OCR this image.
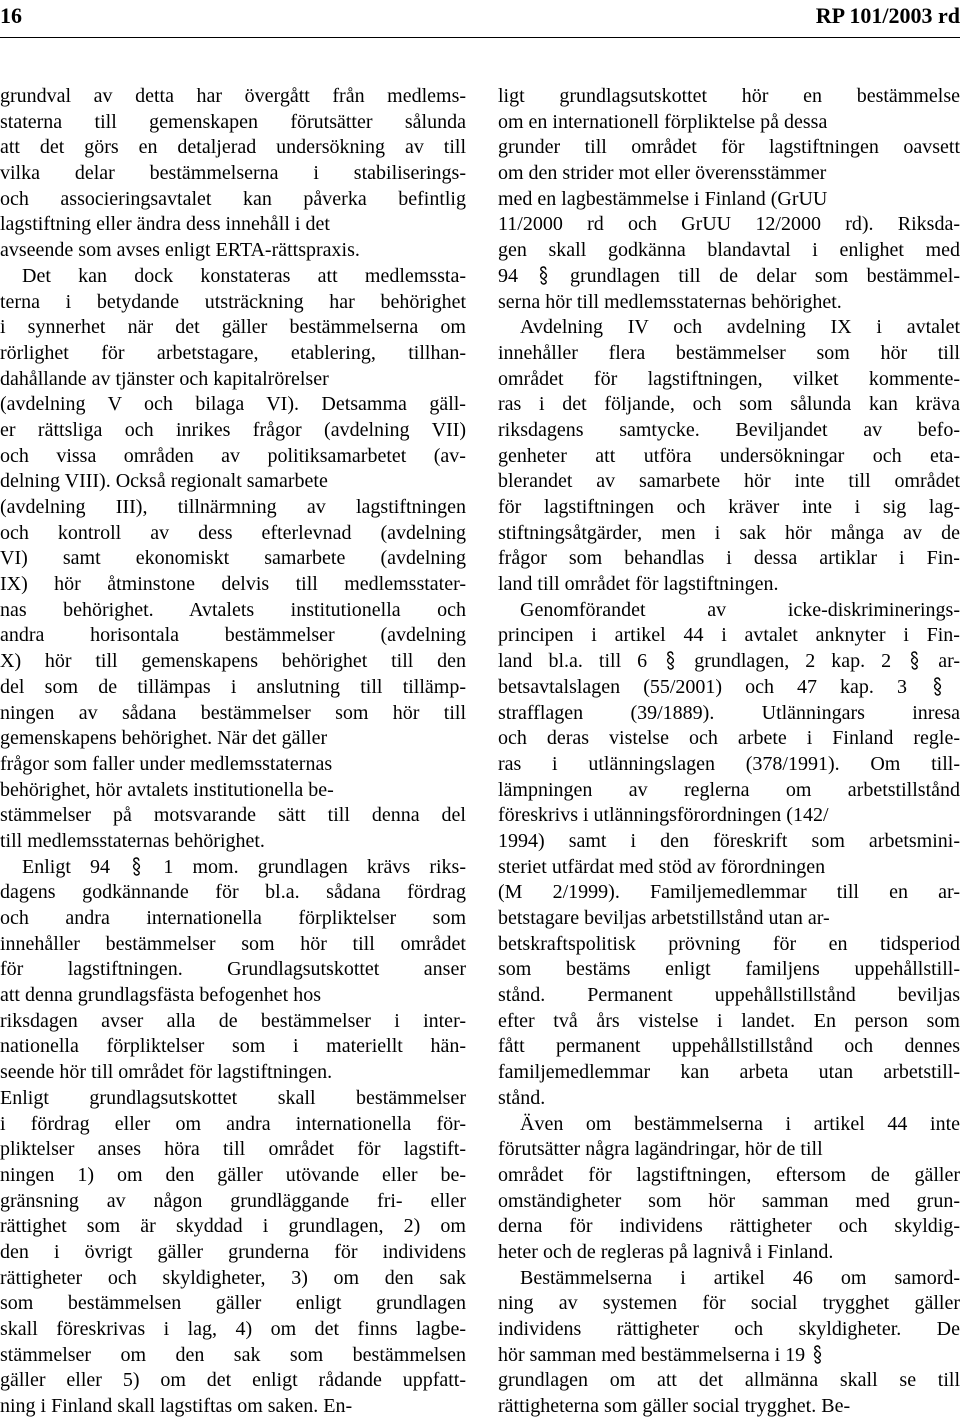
16	RP 101/2003 rd
grundval av detta har övergått från medlems-
staterna till gemenskapen förutsätter sålunda
att det görs en detaljerad undersökning av till
vilka delar bestämmelserna i stabiliserings-
och associeringsavtalet kan påverka befintlig
lagstiftning eller ändra dess innehåll i det
avseende som avses enligt ERTA-rättspraxis.
Det kan dock konstateras att medlemssta-
terna i betydande utsträckning har behörighet
i synnerhet när det gäller bestämmelserna om
rörlighet för arbetstagare, etablering, tillhan-
dahållande av tjänster och kapitalrörelser
(avdelning V och bilaga VI). Detsamma gäll-
er rättsliga och inrikes frågor (avdelning VII)
och vissa områden av politiksamarbetet (av-
delning VIII). Också regionalt samarbete
(avdelning III), tillnärmning av lagstiftningen
och kontroll av dess efterlevnad (avdelning
VI) samt ekonomiskt samarbete (avdelning
IX) hör åtminstone delvis till medlemsstater-
nas behörighet. Avtalets institutionella och
andra horisontala bestämmelser (avdelning
X) hör till gemenskapens behörighet till den
del som de tillämpas i anslutning till tillämp-
ningen av sådana bestämmelser som hör till
gemenskapens behörighet. När det gäller
frågor som faller under medlemsstaternas
behörighet, hör avtalets institutionella be-
stämmelser på motsvarande sätt till denna del
till medlemsstaternas behörighet.
Enligt 94	1 mom. grundlagen krävs riks-
dagens godkännande för bl.a. sådana fördrag
och andra internationella förpliktelser som
innehåller bestämmelser som hör till området
för lagstiftningen. Grundlagsutskottet anser
att denna grundlagsfästa befogenhet hos
riksdagen avser alla de bestämmelser i inter-
nationella förpliktelser som i materiellt hän-
seende hör till området för lagstiftningen.
Enligt grundlagsutskottet skall bestämmelser
i fördrag eller om andra internationella för-
pliktelser anses höra till området för lagstift-
ningen 1) om den gäller utövande eller be-
gränsning av någon grundläggande fri- eller
rättighet som är skyddad i grundlagen, 2) om
den i övrigt gäller grunderna för individens
rättigheter och skyldigheter, 3) om den sak
som bestämmelsen gäller enligt grundlagen
skall föreskrivas i lag, 4) om det finns lagbe-
stämmelser om den sak som bestämmelsen
gäller eller 5) om det enligt rådande uppfatt-
ning i Finland skall lagstiftas om saken. En-
ligt grundlagsutskottet hör en bestämmelse
om en internationell förpliktelse på dessa
grunder till området för lagstiftningen oavsett
om den strider mot eller överensstämmer
med en lagbestämmelse i Finland (GrUU
11/2000 rd och GrUU 12/2000 rd). Riksda-
gen skall godkänna blandavtal i enlighet med
94	grundlagen till de delar som bestämmel-
serna hör till medlemsstaternas behörighet.
Avdelning IV och avdelning IX i avtalet
innehåller flera bestämmelser som hör till
området för lagstiftningen, vilket kommente-
ras i det följande, och som sålunda kan kräva
riksdagens samtycke. Beviljandet av befo-
genheter att utföra undersökningar och eta-
blerandet av samarbete hör inte till området
för lagstiftningen och kräver inte i sig lag-
stiftningsåtgärder, men i sak hör många av de
frågor som behandlas i dessa artiklar i Fin-
land till området för lagstiftningen.
Genomförandet av icke-diskriminerings-
principen i artikel 44 i avtalet anknyter i Fin-
land bl.a. till 6 grundlagen, 2 kap. 2 ar-
betsavtalslagen (55/2001) och 47 kap. 3
strafflagen (39/1889). Utlänningars inresa
och deras vistelse och arbete i Finland regle-
ras i utlänningslagen (378/1991). Om till-
lämpningen av reglerna om arbetstillstånd
föreskrivs i utlänningsförordningen (142/
1994) samt i den föreskrift som arbetsmini-
steriet utfärdat med stöd av förordningen
(M 2/1999). Familjemedlemmar till en ar-
betstagare beviljas arbetstillstånd utan ar-
betskraftspolitisk prövning för en tidsperiod
som bestäms enligt familjens uppehållstill-
stånd. Permanent uppehållstillstånd beviljas
efter två års vistelse i landet. En person som
fått permanent uppehållstillstånd och dennes
familjemedlemmar kan arbeta utan arbetstill-
stånd.
Även om bestämmelserna i artikel 44 inte
förutsätter några lagändringar, hör de till
området för lagstiftningen, eftersom de gäller
omständigheter som hör samman med grun-
derna för individens rättigheter och skyldig-
heter och de regleras på lagnivå i Finland.
Bestämmelserna i artikel 46 om samord-
ning av systemen för social trygghet gäller
individens rättigheter och skyldigheter. De
hör samman med bestämmelserna i 19
grundlagen om att det allmänna skall se till
rättigheterna som gäller social trygghet. Be-
